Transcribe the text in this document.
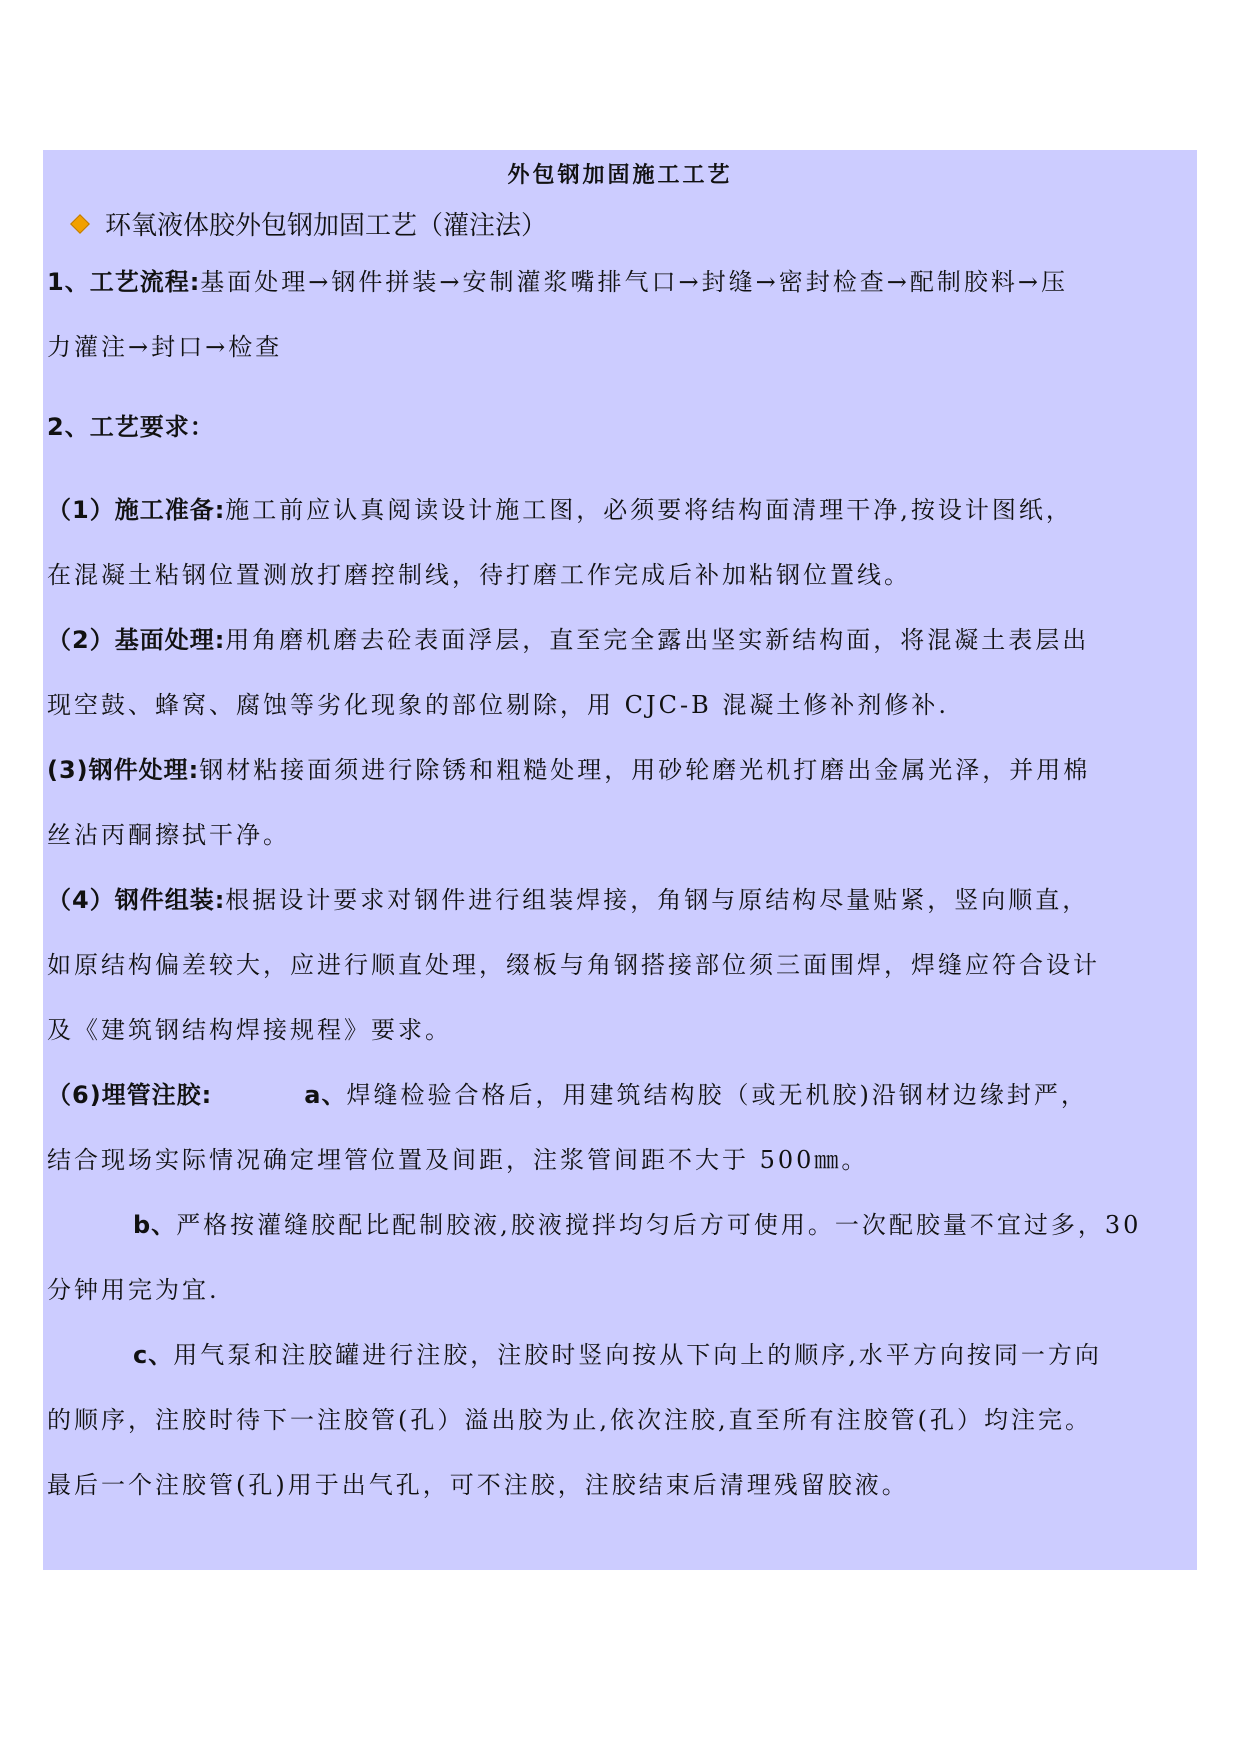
外包钢加固施工工艺
环氧液体胶外包钢加固工艺（灌注法）
1、工艺流程:基面处理→钢件拼装→安制灌浆嘴排气口→封缝→密封检查→配制胶料→压
力灌注→封口→检查
2、工艺要求：
（1）施工准备:施工前应认真阅读设计施工图，必须要将结构面清理干净,按设计图纸，
在混凝土粘钢位置测放打磨控制线，待打磨工作完成后补加粘钢位置线。
（2）基面处理:用角磨机磨去砼表面浮层，直至完全露出坚实新结构面，将混凝土表层出
现空鼓、蜂窝、腐蚀等劣化现象的部位剔除，用 CJC-B 混凝土修补剂修补.
(3)钢件处理:钢材粘接面须进行除锈和粗糙处理，用砂轮磨光机打磨出金属光泽，并用棉
丝沾丙酮擦拭干净。
（4）钢件组装:根据设计要求对钢件进行组装焊接，角钢与原结构尽量贴紧，竖向顺直，
如原结构偏差较大，应进行顺直处理，缀板与角钢搭接部位须三面围焊，焊缝应符合设计
及《建筑钢结构焊接规程》要求。
（6)埋管注胶:	a、焊缝检验合格后，用建筑结构胶（或无机胶)沿钢材边缘封严，
结合现场实际情况确定埋管位置及间距，注浆管间距不大于 500㎜。
b、严格按灌缝胶配比配制胶液,胶液搅拌均匀后方可使用。一次配胶量不宜过多，30
分钟用完为宜.
c、用气泵和注胶罐进行注胶，注胶时竖向按从下向上的顺序,水平方向按同一方向
的顺序，注胶时待下一注胶管(孔）溢出胶为止,依次注胶,直至所有注胶管(孔）均注完。
最后一个注胶管(孔)用于出气孔，可不注胶，注胶结束后清理残留胶液。
